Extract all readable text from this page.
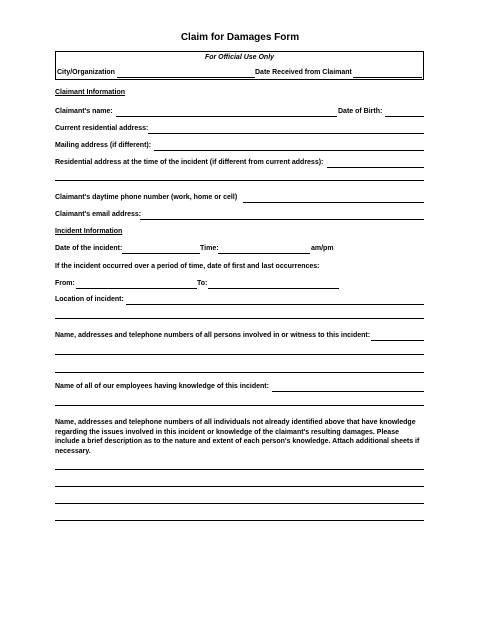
Claim for Damages Form
For Official Use Only
City/Organization	Date Received from Claimant
Claimant Information
Claimant's name:	Date of Birth:
Current residential address:
Mailing address (if different):
Residential address at the time of the incident (if different from current address):
Claimant's daytime phone number (work, home or cell)
Claimant's email address:
Incident Information
Date of the incident:	Time:	am/pm
If the incident occurred over a period of time, date of first and last occurrences:
From:	To:
Location of incident:
Name, addresses and telephone numbers of all persons involved in or witness to this incident:
Name of all of our employees having knowledge of this incident:
Name, addresses and telephone numbers of all individuals not already identified above that have knowledge regarding the issues involved in this incident or knowledge of the claimant's resulting damages. Please include a brief description as to the nature and extent of each person's knowledge. Attach additional sheets if necessary.
